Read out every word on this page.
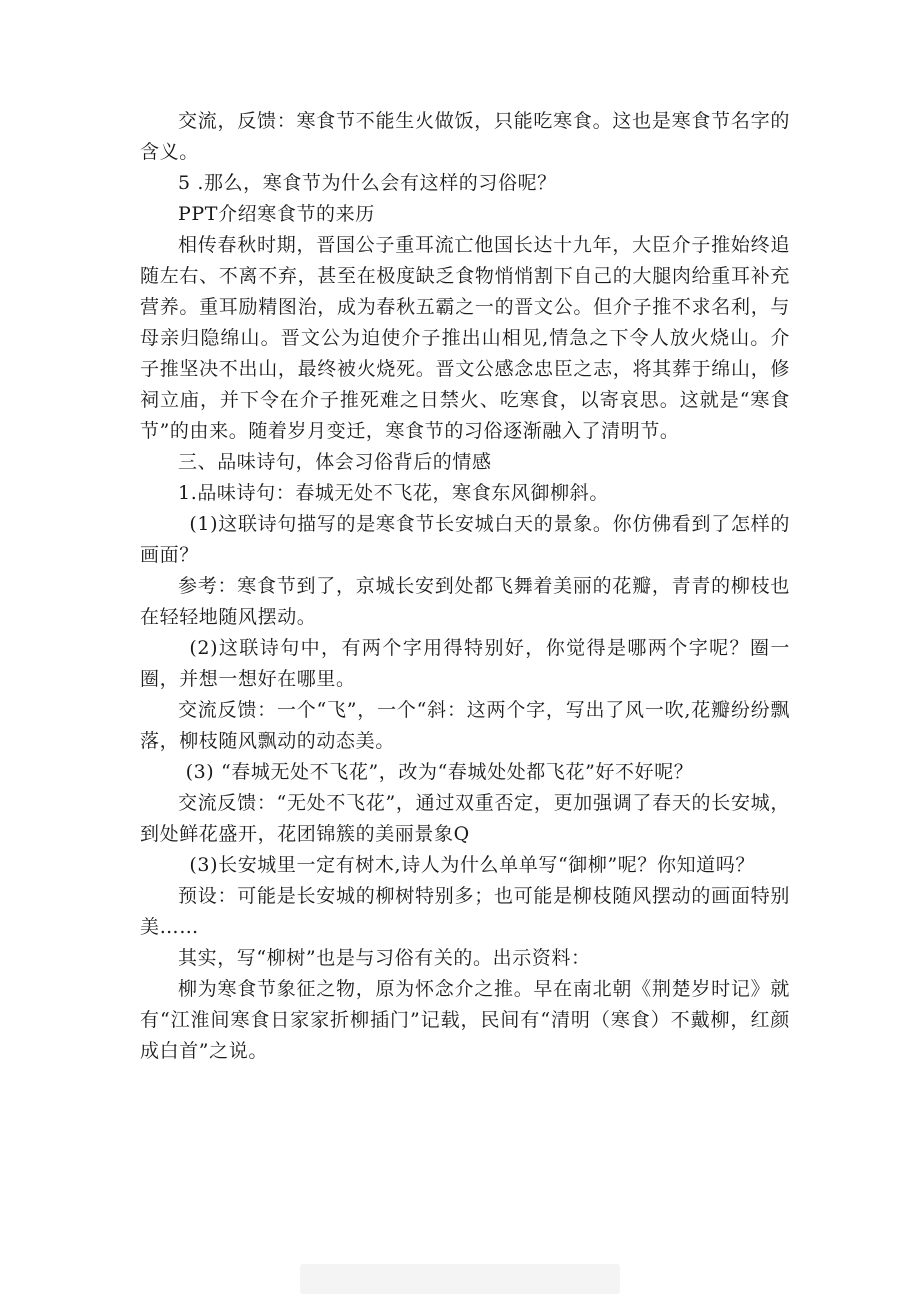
交流，反馈：寒食节不能生火做饭，只能吃寒食。这也是寒食节名字的含义。

5 .那么，寒食节为什么会有这样的习俗呢？

PPT介绍寒食节的来历

相传春秋时期，晋国公子重耳流亡他国长达十九年，大臣介子推始终追随左右、不离不弃，甚至在极度缺乏食物悄悄割下自己的大腿肉给重耳补充营养。重耳励精图治，成为春秋五霸之一的晋文公。但介子推不求名利，与母亲归隐绵山。晋文公为迫使介子推出山相见,情急之下令人放火烧山。介子推坚决不出山，最终被火烧死。晋文公感念忠臣之志，将其葬于绵山，修祠立庙，并下令在介子推死难之日禁火、吃寒食，以寄哀思。这就是“寒食节”的由来。随着岁月变迁，寒食节的习俗逐渐融入了清明节。

三、品味诗句，体会习俗背后的情感

1.品味诗句：春城无处不飞花，寒食东风御柳斜。

(1)这联诗句描写的是寒食节长安城白天的景象。你仿佛看到了怎样的画面？

参考：寒食节到了，京城长安到处都飞舞着美丽的花瓣，青青的柳枝也在轻轻地随风摆动。

(2)这联诗句中，有两个字用得特别好，你觉得是哪两个字呢？圈一圈，并想一想好在哪里。

交流反馈：一个“飞”，一个“斜：这两个字，写出了风一吹,花瓣纷纷飘落，柳枝随风飘动的动态美。

(3) “春城无处不飞花”，改为“春城处处都飞花”好不好呢？

交流反馈：“无处不飞花”，通过双重否定，更加强调了春天的长安城，到处鲜花盛开，花团锦簇的美丽景象Q

(3)长安城里一定有树木,诗人为什么单单写“御柳”呢？你知道吗？

预设：可能是长安城的柳树特别多；也可能是柳枝随风摆动的画面特别美……

其实，写“柳树”也是与习俗有关的。出示资料：

柳为寒食节象征之物，原为怀念介之推。早在南北朝《荆楚岁时记》就有“江淮间寒食日家家折柳插门”记载，民间有“清明（寒食）不戴柳，红颜成白首”之说。
